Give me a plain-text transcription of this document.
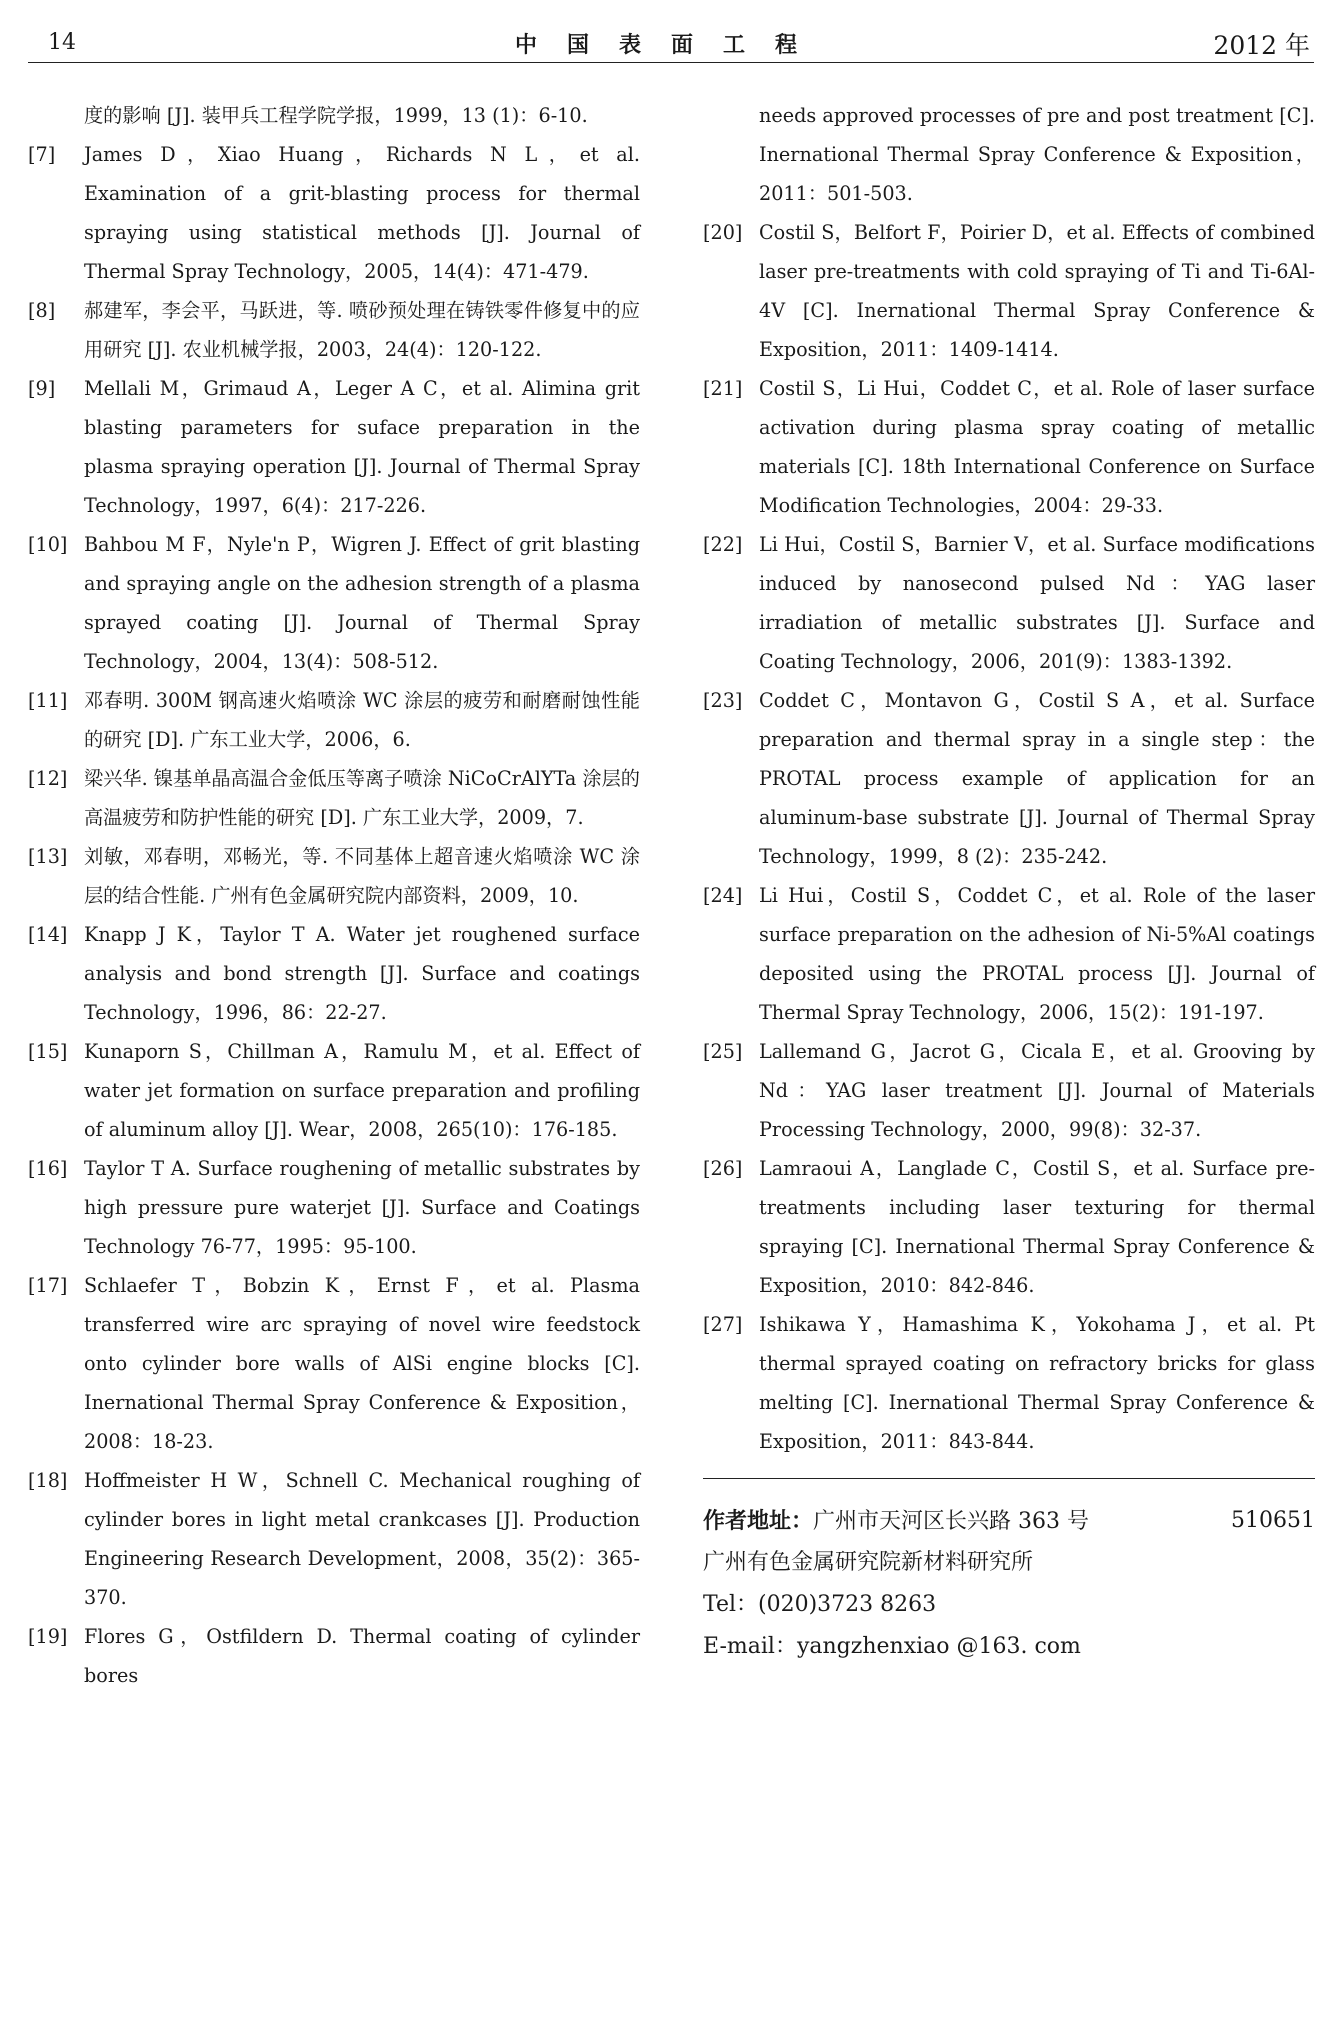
14	中国表面工程	2012 年
度的影响 [J]. 装甲兵工程学院学报，1999，13 (1)：6-10.
[7]	James D，Xiao Huang，Richards N L，et al. Examination of a grit-blasting process for thermal spraying using statistical methods [J]. Journal of Thermal Spray Technology，2005，14(4)：471-479.
[8]	郝建军，李会平，马跃进，等. 喷砂预处理在铸铁零件修复中的应用研究 [J]. 农业机械学报，2003，24(4)：120-122.
[9]	Mellali M，Grimaud A，Leger A C，et al. Alimina grit blasting parameters for suface preparation in the plasma spraying operation [J]. Journal of Thermal Spray Technology，1997，6(4)：217-226.
[10] Bahbou M F，Nyle'n P，Wigren J. Effect of grit blasting and spraying angle on the adhesion strength of a plasma sprayed coating [J]. Journal of Thermal Spray Technology，2004，13(4)：508-512.
[11] 邓春明. 300M 钢高速火焰喷涂 WC 涂层的疲劳和耐磨耐蚀性能的研究 [D]. 广东工业大学，2006，6.
[12] 梁兴华. 镍基单晶高温合金低压等离子喷涂 NiCoCrAlYTa 涂层的高温疲劳和防护性能的研究 [D]. 广东工业大学，2009，7.
[13] 刘敏，邓春明，邓畅光，等. 不同基体上超音速火焰喷涂 WC 涂层的结合性能. 广州有色金属研究院内部资料，2009，10.
[14] Knapp J K，Taylor T A. Water jet roughened surface analysis and bond strength [J]. Surface and coatings Technology，1996，86：22-27.
[15] Kunaporn S，Chillman A，Ramulu M，et al. Effect of water jet formation on surface preparation and profiling of aluminum alloy [J]. Wear，2008，265(10)：176-185.
[16] Taylor T A. Surface roughening of metallic substrates by high pressure pure waterjet [J]. Surface and Coatings Technology 76-77，1995：95-100.
[17] Schlaefer T，Bobzin K，Ernst F，et al. Plasma transferred wire arc spraying of novel wire feedstock onto cylinder bore walls of AlSi engine blocks [C]. Inernational Thermal Spray Conference & Exposition，2008：18-23.
[18] Hoffmeister H W，Schnell C. Mechanical roughing of cylinder bores in light metal crankcases [J]. Production Engineering Research Development，2008，35(2)：365-370.
[19] Flores G，Ostfildern D. Thermal coating of cylinder bores
needs approved processes of pre and post treatment [C]. Inernational Thermal Spray Conference & Exposition，2011：501-503.
[20] Costil S，Belfort F，Poirier D，et al. Effects of combined laser pre-treatments with cold spraying of Ti and Ti-6Al-4V [C]. Inernational Thermal Spray Conference & Exposition，2011：1409-1414.
[21] Costil S，Li Hui，Coddet C，et al. Role of laser surface activation during plasma spray coating of metallic materials [C]. 18th International Conference on Surface Modification Technologies，2004：29-33.
[22] Li Hui，Costil S，Barnier V，et al. Surface modifications induced by nanosecond pulsed Nd：YAG laser irradiation of metallic substrates [J]. Surface and Coating Technology，2006，201(9)：1383-1392.
[23] Coddet C，Montavon G，Costil S A，et al. Surface preparation and thermal spray in a single step：the PROTAL process example of application for an aluminum-base substrate [J]. Journal of Thermal Spray Technology，1999，8 (2)：235-242.
[24] Li Hui，Costil S，Coddet C，et al. Role of the laser surface preparation on the adhesion of Ni-5%Al coatings deposited using the PROTAL process [J]. Journal of Thermal Spray Technology，2006，15(2)：191-197.
[25] Lallemand G，Jacrot G，Cicala E，et al. Grooving by Nd：YAG laser treatment [J]. Journal of Materials Processing Technology，2000，99(8)：32-37.
[26] Lamraoui A，Langlade C，Costil S，et al. Surface pre-treatments including laser texturing for thermal spraying [C]. Inernational Thermal Spray Conference & Exposition，2010：842-846.
[27] Ishikawa Y，Hamashima K，Yokohama J，et al. Pt thermal sprayed coating on refractory bricks for glass melting [C]. Inernational Thermal Spray Conference & Exposition，2011：843-844.
作者地址：广州市天河区长兴路 363 号	510651
广州有色金属研究院新材料研究所
Tel：(020)3723 8263
E-mail：yangzhenxiao @163. com
